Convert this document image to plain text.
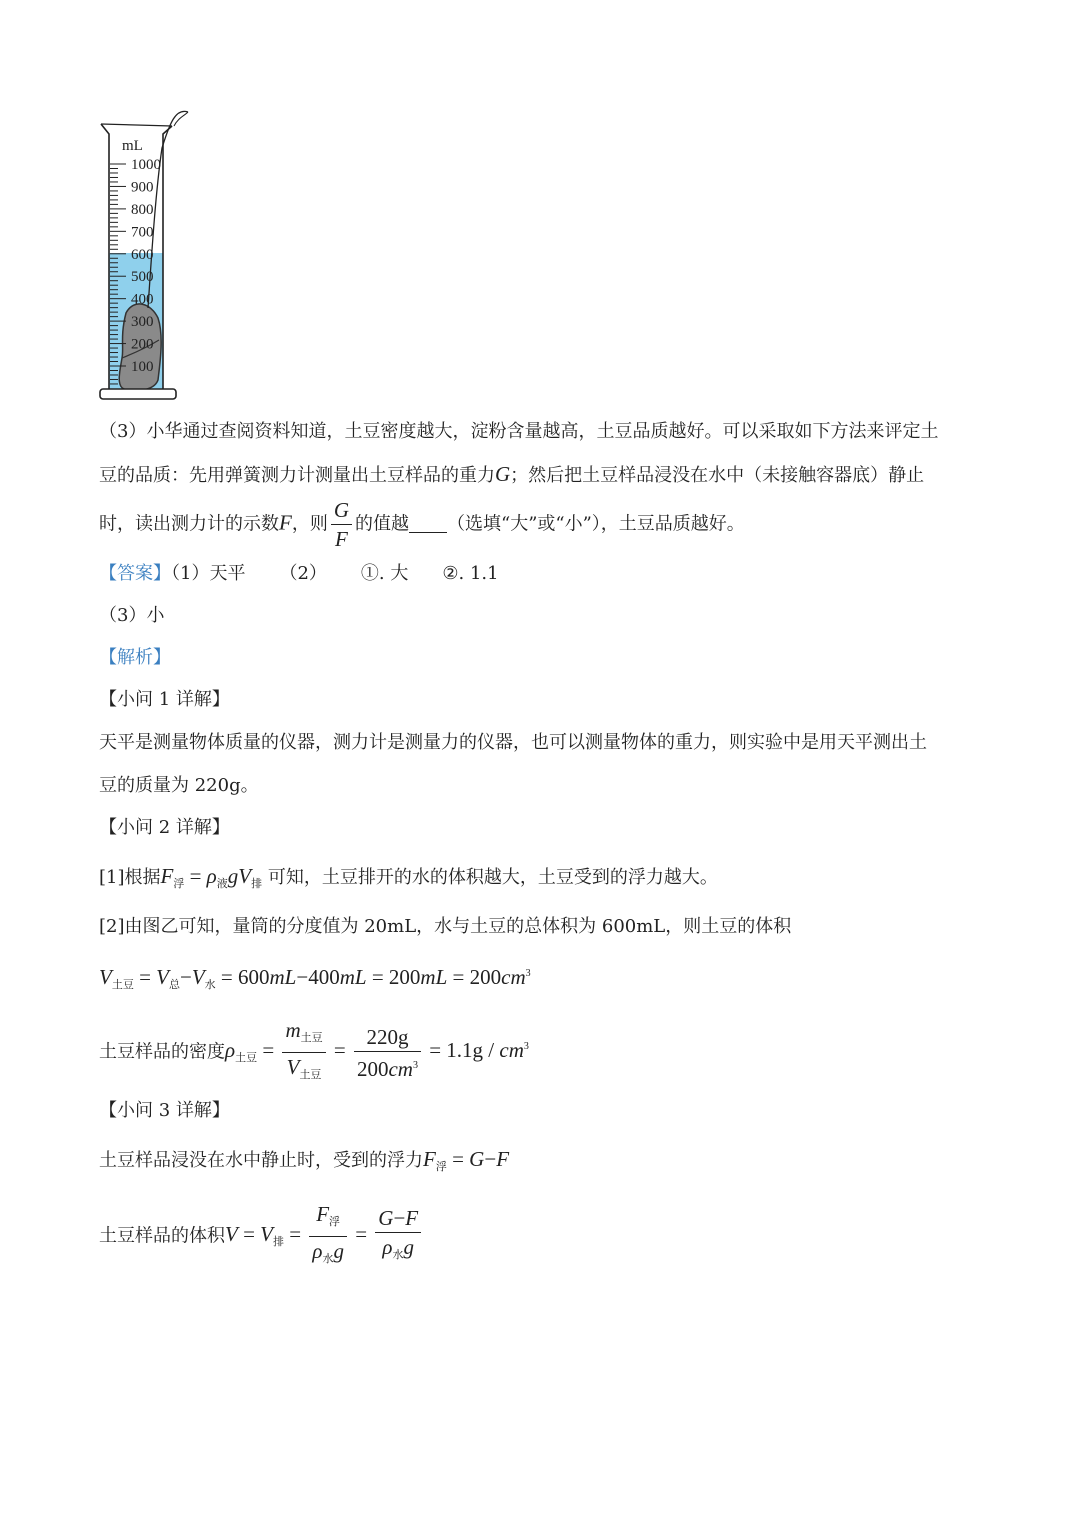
mL
1000
900
800
700
600
500
400
300
200
100
（3）小华通过查阅资料知道，土豆密度越大，淀粉含量越高，土豆品质越好。可以采取如下方法来评定土
豆的品质：先用弹簧测力计测量出土豆样品的重力G；然后把土豆样品浸没在水中（未接触容器底）静止
时，读出测力计的示数F，则 $\frac{G}{F}$ 的值越 （选填“大”或“小”），土豆品质越好。
【答案】（1）天平 （2） ①. 大 ②. 1.1
（3）小
【解析】
【小问 1 详解】
天平是测量物体质量的仪器，测力计是测量力的仪器，也可以测量物体的重力，则实验中是用天平测出土
豆的质量为 220g。
【小问 2 详解】
[1]根据$F_浮 = \rho_液gV_排$ 可知，土豆排开的水的体积越大，土豆受到的浮力越大。
[2]由图乙可知，量筒的分度值为 20mL，水与土豆的总体积为 600mL，则土豆的体积
$V_{土豆} = V_总-V_水 = 600mL-400mL = 200mL = 200cm^3$
土豆样品的密度$\rho_{土豆} = \frac{m_{土豆}}{V_{土豆}} = \frac{220g}{200cm^3} = 1.1g / cm^3$
【小问 3 详解】
土豆样品浸没在水中静止时，受到的浮力$F_浮 = G-F$
土豆样品的体积$V = V_排 = \frac{F_浮}{\rho_水g} = \frac{G-F}{\rho_水g}$
